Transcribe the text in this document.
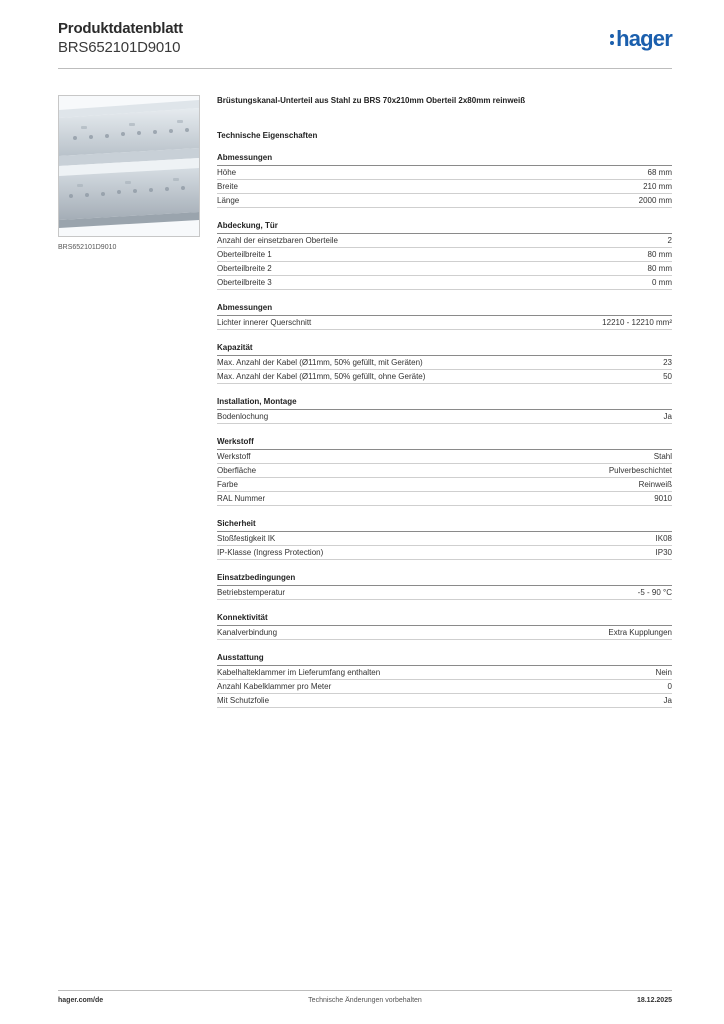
Produktdatenblatt
BRS652101D9010	hager
BRS652101D9010
Brüstungskanal-Unterteil aus Stahl zu BRS 70x210mm Oberteil 2x80mm reinweiß
Technische Eigenschaften
Abmessungen
Höhe	68 mm
Breite	210 mm
Länge	2000 mm
Abdeckung, Tür
Anzahl der einsetzbaren Oberteile	2
Oberteilbreite 1	80 mm
Oberteilbreite 2	80 mm
Oberteilbreite 3	0 mm
Abmessungen
Lichter innerer Querschnitt	12210 - 12210 mm²
Kapazität
Max. Anzahl der Kabel (Ø11mm, 50% gefüllt, mit Geräten)	23
Max. Anzahl der Kabel (Ø11mm, 50% gefüllt, ohne Geräte)	50
Installation, Montage
Bodenlochung	Ja
Werkstoff
Werkstoff	Stahl
Oberfläche	Pulverbeschichtet
Farbe	Reinweiß
RAL Nummer	9010
Sicherheit
Stoßfestigkeit IK	IK08
IP-Klasse (Ingress Protection)	IP30
Einsatzbedingungen
Betriebstemperatur	-5 - 90 °C
Konnektivität
Kanalverbindung	Extra Kupplungen
Ausstattung
Kabelhalteklammer im Lieferumfang enthalten	Nein
Anzahl Kabelklammer pro Meter	0
Mit Schutzfolie	Ja
hager.com/de	Technische Änderungen vorbehalten	18.12.2025
